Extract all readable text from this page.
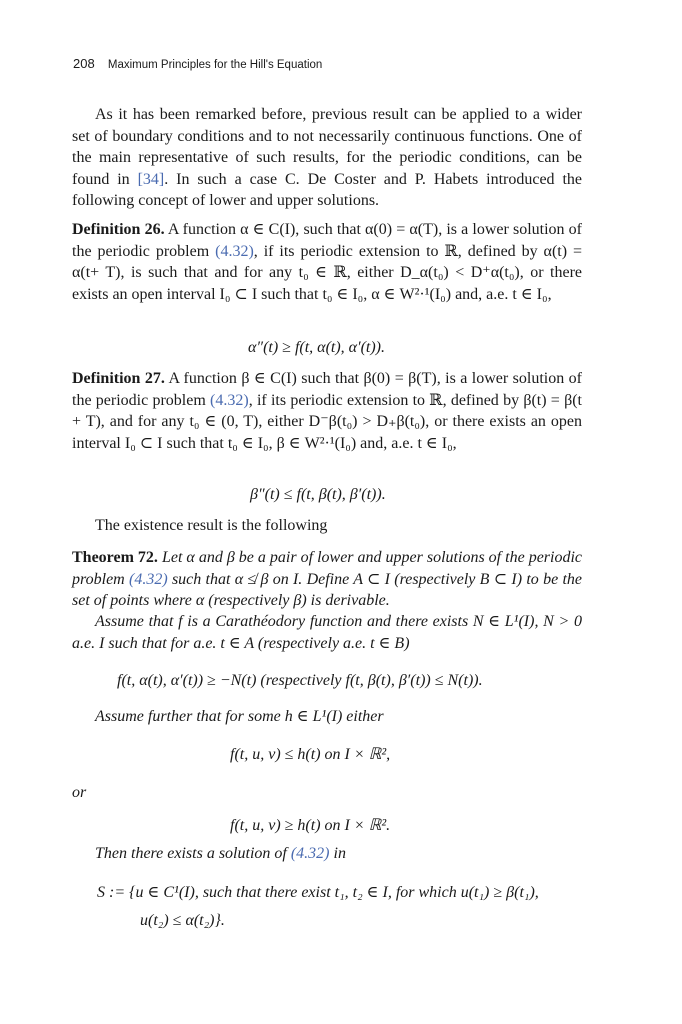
208 Maximum Principles for the Hill's Equation
As it has been remarked before, previous result can be applied to a wider set of boundary conditions and to not necessarily continuous functions. One of the main representative of such results, for the periodic conditions, can be found in [34]. In such a case C. De Coster and P. Habets introduced the following concept of lower and upper solutions.
Definition 26. A function α ∈ C(I), such that α(0) = α(T), is a lower solution of the periodic problem (4.32), if its periodic extension to ℝ, defined by α(t) = α(t+ T), is such that and for any t₀ ∈ ℝ, either D_α(t₀) < D⁺α(t₀), or there exists an open interval I₀ ⊂ I such that t₀ ∈ I₀, α ∈ W²·¹(I₀) and, a.e. t ∈ I₀,
α″(t) ≥ f(t, α(t), α′(t)).
Definition 27. A function β ∈ C(I) such that β(0) = β(T), is a lower solution of the periodic problem (4.32), if its periodic extension to ℝ, defined by β(t) = β(t + T), and for any t₀ ∈ (0, T), either D⁻β(t₀) > D₊β(t₀), or there exists an open interval I₀ ⊂ I such that t₀ ∈ I₀, β ∈ W²·¹(I₀) and, a.e. t ∈ I₀,
β″(t) ≤ f(t, β(t), β′(t)).
The existence result is the following
Theorem 72. Let α and β be a pair of lower and upper solutions of the periodic problem (4.32) such that α ≰ β on I. Define A ⊂ I (respectively B ⊂ I) to be the set of points where α (respectively β) is derivable.
Assume that f is a Carathéodory function and there exists N ∈ L¹(I), N > 0 a.e. I such that for a.e. t ∈ A (respectively a.e. t ∈ B)
f(t, α(t), α′(t)) ≥ −N(t) (respectively f(t, β(t), β′(t)) ≤ N(t)).
Assume further that for some h ∈ L¹(I) either
f(t, u, v) ≤ h(t) on I × ℝ²,
or
f(t, u, v) ≥ h(t) on I × ℝ².
Then there exists a solution of (4.32) in
S := {u ∈ C¹(I), such that there exist t₁, t₂ ∈ I, for which u(t₁) ≥ β(t₁),
u(t₂) ≤ α(t₂)}.
